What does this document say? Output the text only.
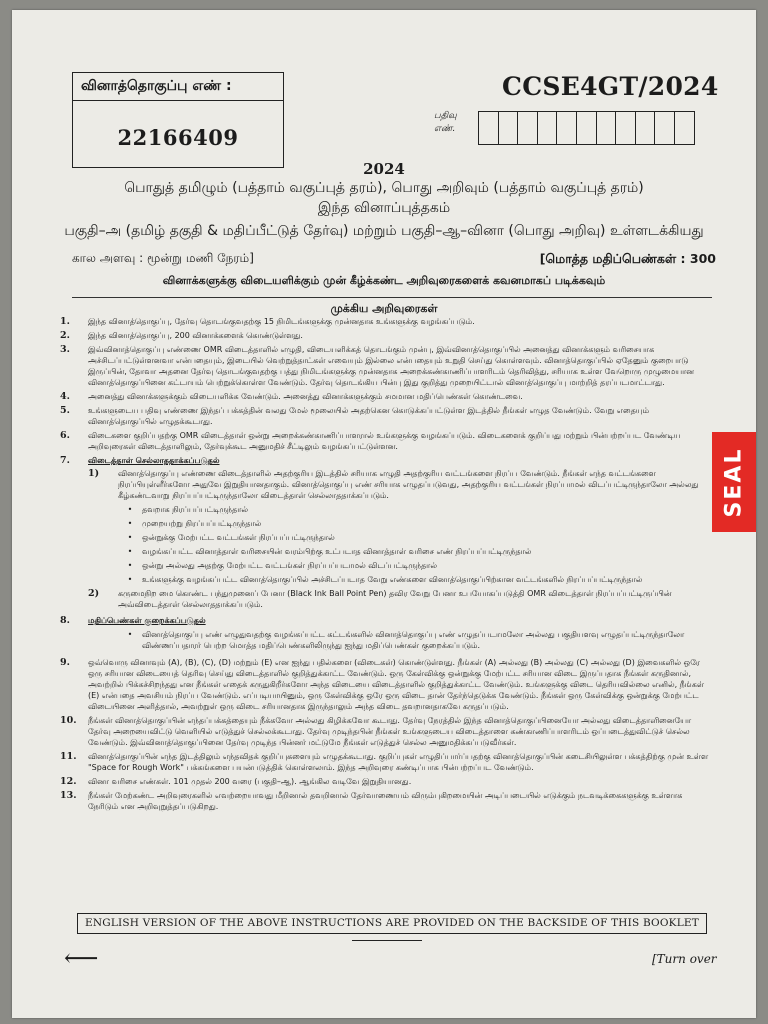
வினாத்தொகுப்பு எண் :
22166409
CCSE4GT/2024
பதிவு எண்.
2024
பொதுத் தமிழும் (பத்தாம் வகுப்புத் தரம்), பொது அறிவும் (பத்தாம் வகுப்புத் தரம்)
இந்த வினாப்புத்தகம்
பகுதி–அ (தமிழ் தகுதி & மதிப்பீட்டுத் தேர்வு) மற்றும் பகுதி–ஆ–வினா (பொது அறிவு) உள்ளடக்கியது
கால அளவு : மூன்று மணி நேரம்]	[மொத்த மதிப்பெண்கள் : 300
வினாக்களுக்கு விடையளிக்கும் முன் கீழ்க்கண்ட அறிவுரைகளைக் கவனமாகப் படிக்கவும்
முக்கிய அறிவுரைகள்
1.	இந்த வினாத்தொகுப்பு, தேர்வு தொடங்குவதற்கு 15 நிமிடங்களுக்கு முன்னதாக உங்களுக்கு வழங்கப்படும்.
2.	இந்த வினாத்தொகுப்பு, 200 வினாக்களைக் கொண்டுள்ளது.
3.	இவ்வினாத்தொகுப்பு எண்ணை OMR விடைத்தாளில் எழுதி, விடையளிக்கத் தொடங்கும் முன்பு, இவ்வினாத்தொகுப்பில் அனைத்து வினாக்களும் வரிசையாக அச்சிடப்பட்டுள்ளனவா என்பதையும், இடையில் வெற்றுத்தாட்கள் எவையும் இல்லை என்பதையும் உறுதி செய்து கொள்ளவும். வினாத்தொகுப்பில் ஏதேனும் குறைபாடு இருப்பின், தோவா அதனை தேர்வு தொடங்குவதற்கு பத்து நிமிடங்களுக்கு முன்னதாக அறைக்கண்காணிப்பாளரிடம் தெரிவித்து, சரியாக உள்ள வேறொரு முழுமையான வினாத்தொகுப்பினை கட்டாயம் பெற்றுக்கொள்ள வேண்டும். தேர்வு தொடங்கிய பின்பு இது குறித்து முறையிட்டால் வினாத்தொகுப்பு மாற்றித் தரப்படமாட்டாது.
4.	அனைத்து வினாக்களுக்கும் விடையளிக்க வேண்டும். அனைத்து வினாக்களுக்கும் சமமான மதிப்பெண்கள் கொண்டவை.
5.	உங்களுடைய பதிவு எண்ணை இந்தப் பக்கத்தின் வலது மேல் மூலையில் அதற்கென கொடுக்கப்பட்டுள்ள இடத்தில் நீங்கள் எழுத வேண்டும். வேறு எதையும் வினாத்தொகுப்பில் எழுதக்கூடாது.
6.	விடைகளை குறிப்பதற்கு OMR விடைத்தாள் ஒன்று அறைக்கண்காணிப்பாளரால் உங்களுக்கு வழங்கப்படும். விடைகளைக் குறிப்பது மற்றும் பின்பற்றப்பட வேண்டிய அறிவுரைகள் விடைத்தாளிலும், தேர்வுக்கூட அனுமதிச் சீட்டிலும் வழங்கப்பட்டுள்ளன.
7.	விடைத்தாள் செல்லாததாக்கப்படுதல்
1)	வினாத்தொகுப்பு எண்ணை விடைத்தாளில் அதற்குரிய இடத்தில் சரியாக எழுதி அதற்குரிய வட்டங்களை நிரப்ப வேண்டும். நீங்கள் எந்த வட்டங்களை நிரப்பியுள்ளீர்களோ அதுவே இறுதியானதாகும். வினாத்தொகுப்பு எண் சரியாக எழுதப்படுவது, அதற்குரிய வட்டங்கள் நிரப்பாமல் விடப்பட்டிருந்தாலோ அல்லது கீழ்கண்டவாறு நிரப்பப்பட்டிருந்தாலோ விடைத்தாள் செல்லாததாக்கப்படும்.
•	தவறாக நிரப்பப்பட்டிருந்தால்
•	முறையற்று நிரப்பப்பட்டிருந்தால்
•	ஒன்றுக்கு மேற்பட்ட வட்டங்கள் நிரப்பப்பட்டிருந்தால்
•	வழங்கப்பட்ட வினாத்தாள் வரிசையின் வரம்பிற்கு உட்படாத வினாத்தாள் வரிசை எண் நிரப்பப்பட்டிருந்தால்
•	ஒன்று அல்லது அதற்கு மேற்பட்ட வட்டங்கள் நிரப்பப்படாமல் விடப்பட்டிருந்தால்
•	உங்களுக்கு வழங்கப்பட்ட வினாத்தொகுப்பில் அச்சிடப்படாத வேறு எண்களை வினாத்தொகுப்பிற்கான வட்டங்களில் நிரப்பப்பட்டிருந்தால்
2)	கருமைநிற மை கொண்ட பந்துமுனைப் பேனா (Black Ink Ball Point Pen) தவிர வேறு பேனா உபயோகப்படுத்தி OMR விடைத்தாள் நிரப்பப்பட்டிருப்பின் அவ்விடைத்தாள் செல்லாததாக்கப்படும்.
8.	மதிப்பெண்கள் குறைக்கப்படுதல்
•	வினாத்தொகுப்பு எண் எழுதுவதற்கு வழங்கப்பட்ட கட்டங்களில் வினாத்தொகுப்பு எண் எழுதப்படாமலோ அல்லது பகுதியளவு எழுதப்பட்டிருந்தாலோ விண்ணப்பதாரர் பெற்ற மொத்த மதிப்பெண்களிலிருந்து ஐந்து மதிப்பெண்கள் குறைக்கப்படும்.
9.	ஒவ்வொரு வினாவும் (A), (B), (C), (D) மற்றும் (E) என ஐந்து பதில்களை (விடைகள்) கொண்டுள்ளது. நீங்கள் (A) அல்லது (B) அல்லது (C) அல்லது (D) இவைகளில் ஒரே ஒரு சரியான விடையைத் தெரிவு செய்து விடைத்தாளில் குறித்துக்காட்ட வேண்டும். ஒரு கேள்விக்கு ஒன்றுக்கு மேற்பட்ட சரியான விடை இருப்பதாக நீங்கள் கருதினால், அவற்றில் பிக்கச்சிறந்தது என நீங்கள் எதைக் கருதுகிறீர்களோ அந்த விடையை விடைத்தாளில் குறித்துக்காட்ட வேண்டும். உங்களுக்கு விடை தெரியவில்லை எனில், நீங்கள் (E) என்பதை அவசியம் நிரப்ப வேண்டும். எப்படியாயினும், ஒரு கேள்விக்கு ஒரே ஒரு விடை தான் தேர்ந்தெடுக்க வேண்டும். நீங்கள் ஒரு கேள்விக்கு ஒன்றுக்கு மேற்பட்ட விடையினை அளித்தால், அவற்றுள் ஒரு விடை சரியானதாக இருந்தாலும் அந்த விடை தவறானதாகவே கருதப்படும்.
10.	நீங்கள் வினாத்தொகுப்பின் எந்தப்பக்கத்தையும் நீக்கவோ அல்லது கிழிக்கவோ கூடாது. தேர்வு நேரத்தில் இந்த வினாத்தொகுப்பினையோ அல்லது விடைத்தாளினையோ தேர்வு அறையைவிட்டு வெளியில் எடுத்துச் செல்லக்கூடாது. தேர்வு முடிந்தபின் நீங்கள் உங்களுடைய விடைத்தாளை கண்காணிப்பாளரிடம் ஒப்படைத்துவிட்டுச் செல்ல வேண்டும். இவ்வினாத்தொகுப்பினை தேர்வு முடிந்த பின்னர் மட்டுமே நீங்கள் எடுத்துச் செல்ல அனுமதிக்கப்படுவீர்கள்.
11.	வினாத்தொகுப்பின் எந்த இடத்திலும் எந்தவிதக் குறிப்புகளையும் எழுதக்கூடாது. குறிப்புகள் எழுதிப்பார்ப்பதற்கு வினாத்தொகுப்பின் கடைசியிலுள்ள பக்கத்திற்கு முன் உள்ள "Space for Rough Work" பக்கங்களை பயன்படுத்திக் கொள்ளலாம். இந்த அறிவுரை கண்டிப்பாக பின்பற்றப்பட வேண்டும்.
12.	வினா வரிசை எண்கள். 101 முதல் 200 வரை (பகுதி–ஆ). ஆங்கில வடிவே இறுதியானது.
13.	நீங்கள் மேற்கண்ட அறிவுரைகளில் எவற்றையாவது மீறினால் தவறினால் தேர்வாணையம் விரும்புகிறமையின் அடிப்படையில் எடுக்கும் நடவடிக்கைகளுக்கு உள்ளாக நேரிடும் என அறிவுறுத்தப்படுகிறது.
ENGLISH VERSION OF THE ABOVE INSTRUCTIONS ARE PROVIDED ON THE BACKSIDE OF THIS BOOKLET
⟵	[Turn over
SEAL
